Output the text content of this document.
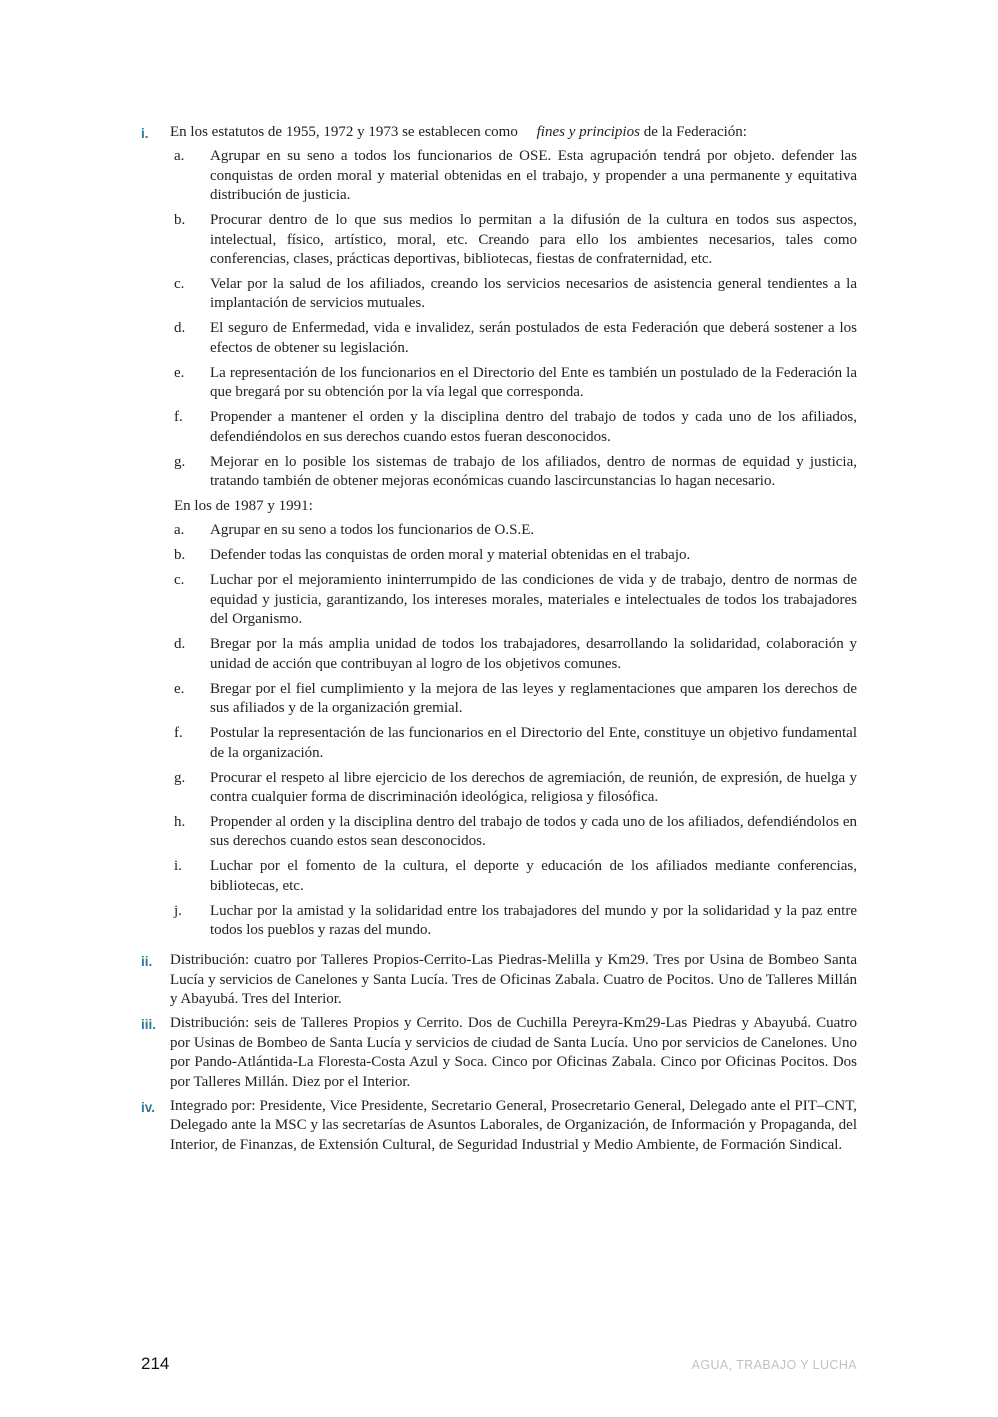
i.	En los estatutos de 1955, 1972 y 1973 se establecen como fines y principios de la Federación:
a.	Agrupar en su seno a todos los funcionarios de OSE. Esta agrupación tendrá por objeto. defender las conquistas de orden moral y material obtenidas en el trabajo, y propender a una permanente y equitativa distribución de justicia.
b.	Procurar dentro de lo que sus medios lo permitan a la difusión de la cultura en todos sus aspectos, intelectual, físico, artístico, moral, etc. Creando para ello los ambientes necesarios, tales como conferencias, clases, prácticas deportivas, bibliotecas, fiestas de confraternidad, etc.
c.	Velar por la salud de los afiliados, creando los servicios necesarios de asistencia general tendientes a la implantación de servicios mutuales.
d.	El seguro de Enfermedad, vida e invalidez, serán postulados de esta Federación que deberá sostener a los efectos de obtener su legislación.
e.	La representación de los funcionarios en el Directorio del Ente es también un postulado de la Federación la que bregará por su obtención por la vía legal que corresponda.
f.	Propender a mantener el orden y la disciplina dentro del trabajo de todos y cada uno de los afiliados, defendiéndolos en sus derechos cuando estos fueran desconocidos.
g.	Mejorar en lo posible los sistemas de trabajo de los afiliados, dentro de normas de equidad y justicia, tratando también de obtener mejoras económicas cuando lascircunstancias lo hagan necesario.
En los de 1987 y 1991:
a.	Agrupar en su seno a todos los funcionarios de O.S.E.
b.	Defender todas las conquistas de orden moral y material obtenidas en el trabajo.
c.	Luchar por el mejoramiento ininterrumpido de las condiciones de vida y de trabajo, dentro de normas de equidad y justicia, garantizando, los intereses morales, materiales e intelectuales de todos los trabajadores del Organismo.
d.	Bregar por la más amplia unidad de todos los trabajadores, desarrollando la solidaridad, colaboración y unidad de acción que contribuyan al logro de los objetivos comunes.
e.	Bregar por el fiel cumplimiento y la mejora de las leyes y reglamentaciones que amparen los derechos de sus afiliados y de la organización gremial.
f.	Postular la representación de las funcionarios en el Directorio del Ente, constituye un objetivo fundamental de la organización.
g.	Procurar el respeto al libre ejercicio de los derechos de agremiación, de reunión, de expresión, de huelga y contra cualquier forma de discriminación ideológica, religiosa y filosófica.
h.	Propender al orden y la disciplina dentro del trabajo de todos y cada uno de los afiliados, defendiéndolos en sus derechos cuando estos sean desconocidos.
i.	Luchar por el fomento de la cultura, el deporte y educación de los afiliados mediante conferencias, bibliotecas, etc.
j.	Luchar por la amistad y la solidaridad entre los trabajadores del mundo y por la solidaridad y la paz entre todos los pueblos y razas del mundo.
ii.	Distribución: cuatro por Talleres Propios-Cerrito-Las Piedras-Melilla y Km29. Tres por Usina de Bombeo Santa Lucía y servicios de Canelones y Santa Lucía. Tres de Oficinas Zabala. Cuatro de Pocitos. Uno de Talleres Millán y Abayubá. Tres del Interior.
iii. Distribución: seis de Talleres Propios y Cerrito. Dos de Cuchilla Pereyra-Km29-Las Piedras y Abayubá. Cuatro por Usinas de Bombeo de Santa Lucía y servicios de ciudad de Santa Lucía. Uno por servicios de Canelones. Uno por Pando-Atlántida-La Floresta-Costa Azul y Soca. Cinco por Oficinas Zabala. Cinco por Oficinas Pocitos. Dos por Talleres Millán. Diez por el Interior.
iv. Integrado por: Presidente, Vice Presidente, Secretario General, Prosecretario General, Delegado ante el PIT–CNT, Delegado ante la MSC y las secretarías de Asuntos Laborales, de Organización, de Información y Propaganda, del Interior, de Finanzas, de Extensión Cultural, de Seguridad Industrial y Medio Ambiente, de Formación Sindical.
214	AGUA, TRABAJO Y LUCHA
